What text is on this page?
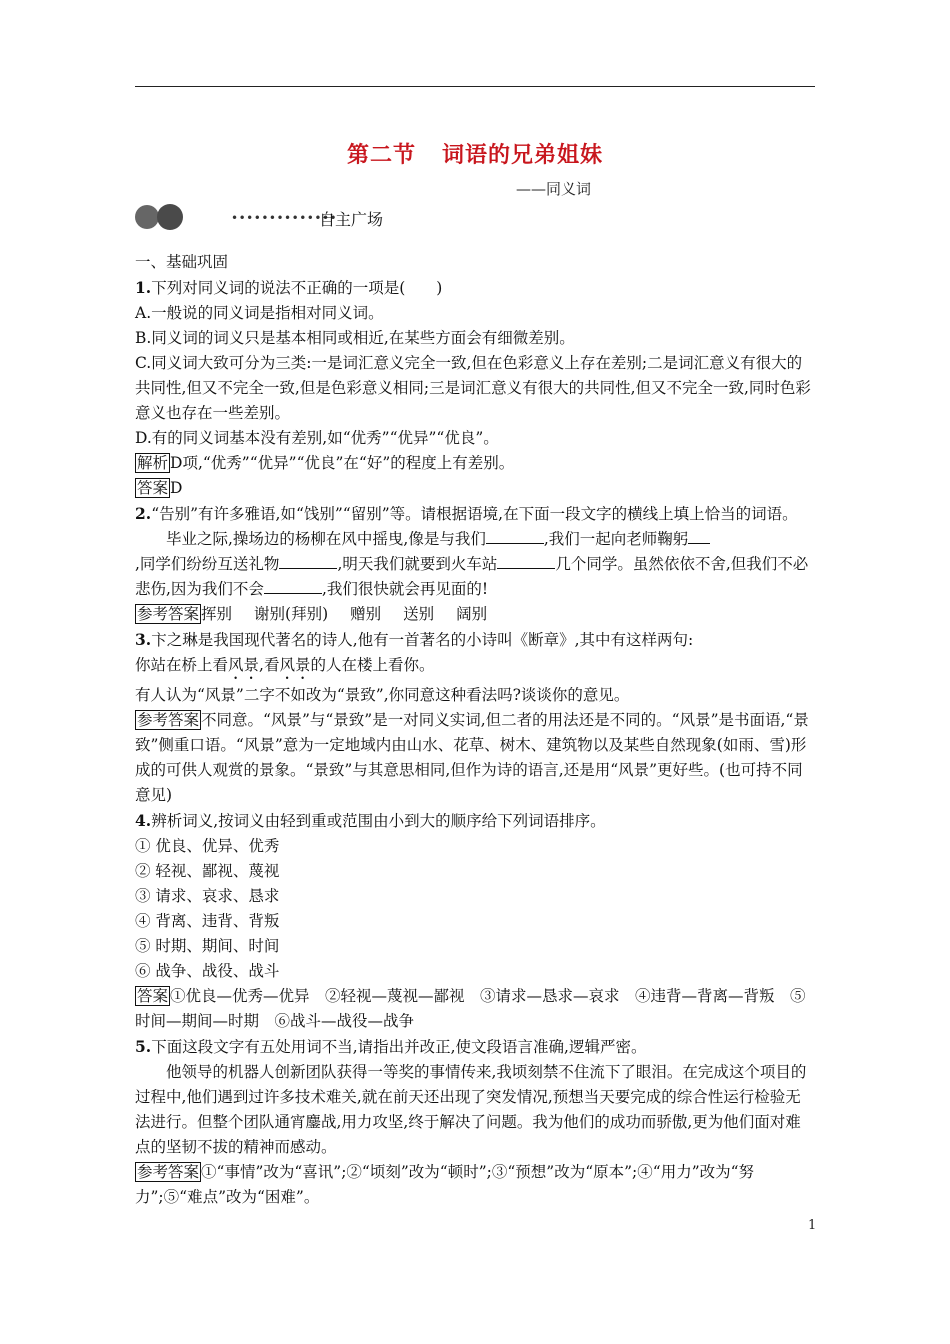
第二节 词语的兄弟姐妹
——同义词
••••••••••••••
自主广场

一、基础巩固

1.下列对同义词的说法不正确的一项是(　　)

A.一般说的同义词是指相对同义词。

B.同义词的词义只是基本相同或相近,在某些方面会有细微差别。

C.同义词大致可分为三类:一是词汇意义完全一致,但在色彩意义上存在差别;二是词汇意义有很大的共同性,但又不完全一致,但是色彩意义相同;三是词汇意义有很大的共同性,但又不完全一致,同时色彩意义也存在一些差别。

D.有的同义词基本没有差别,如“优秀”“优异”“优良”。

解析 D项,“优秀”“优异”“优良”在“好”的程度上有差别。

答案 D

2.“告别”有许多雅语,如“饯别”“留别”等。请根据语境,在下面一段文字的横线上填上恰当的词语。

毕业之际,操场边的杨柳在风中摇曳,像是与我们	,我们一起向老师鞠躬
,同学们纷纷互送礼物	,明天我们就要到火车站	几个同学。虽然依依不舍,但我们不必悲伤,因为我们不会	,我们很快就会再见面的!

参考答案 挥别 谢别(拜别) 赠别 送别 阔别

3.卞之琳是我国现代著名的诗人,他有一首著名的小诗叫《断章》,其中有这样两句:

你站在桥上看风景,看风景的人在楼上看你。

有人认为“风景”二字不如改为“景致”,你同意这种看法吗?谈谈你的意见。

参考答案 不同意。“风景”与“景致”是一对同义实词,但二者的用法还是不同的。“风景”是书面语,“景致”侧重口语。“风景”意为一定地域内由山水、花草、树木、建筑物以及某些自然现象(如雨、雪)形成的可供人观赏的景象。“景致”与其意思相同,但作为诗的语言,还是用“风景”更好些。(也可持不同意见)

4.辨析词义,按词义由轻到重或范围由小到大的顺序给下列词语排序。

① 优良、优异、优秀

② 轻视、鄙视、蔑视

③ 请求、哀求、恳求

④ 背离、违背、背叛

⑤ 时期、期间、时间

⑥ 战争、战役、战斗

答案 ①优良—优秀—优异　②轻视—蔑视—鄙视　③请求—恳求—哀求　④违背—背离—背叛　⑤时间—期间—时期　⑥战斗—战役—战争

5.下面这段文字有五处用词不当,请指出并改正,使文段语言准确,逻辑严密。

他领导的机器人创新团队获得一等奖的事情传来,我顷刻禁不住流下了眼泪。在完成这个项目的过程中,他们遇到过许多技术难关,就在前天还出现了突发情况,预想当天要完成的综合性运行检验无法进行。但整个团队通宵鏖战,用力攻坚,终于解决了问题。我为他们的成功而骄傲,更为他们面对难点的坚韧不拔的精神而感动。

参考答案 ①“事情”改为“喜讯”;②“顷刻”改为“顿时”;③“预想”改为“原本”;④“用力”改为“努力”;⑤“难点”改为“困难”。

1
